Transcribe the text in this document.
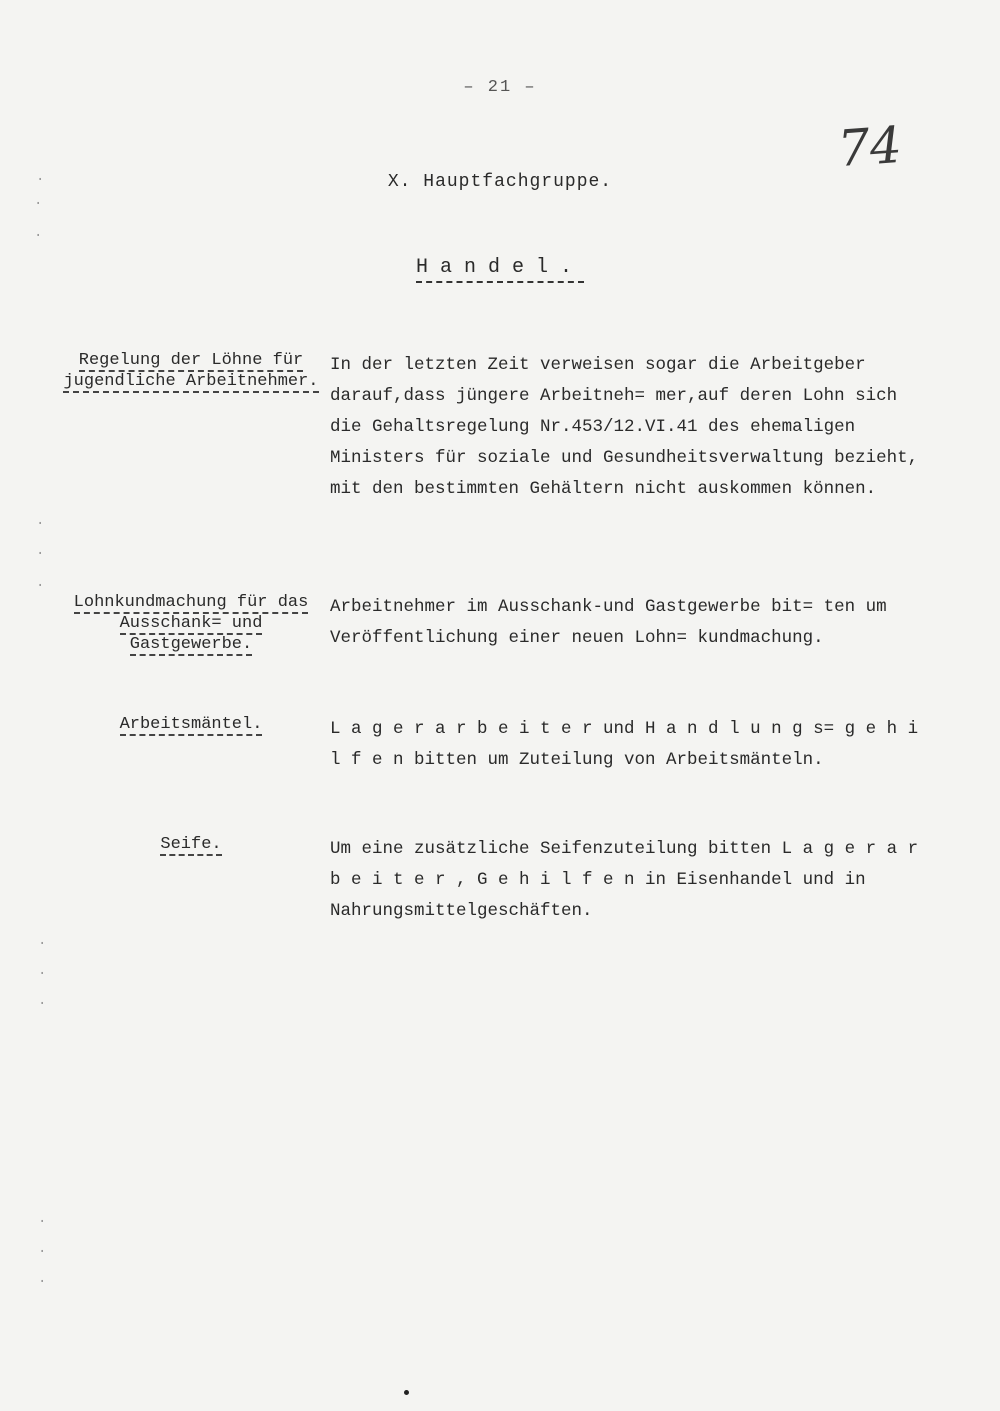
– 21 –
74
X. Hauptfachgruppe.
Handel.
Regelung der Löhne für jugendliche Arbeitnehmer.
In der letzten Zeit verweisen sogar die Arbeitgeber darauf,dass jüngere Arbeitneh= mer,auf deren Lohn sich die Gehaltsregelung Nr.453/12.VI.41 des ehemaligen Ministers für soziale und Gesundheitsverwaltung bezieht, mit den bestimmten Gehältern nicht auskommen können.
Lohnkundmachung für das Ausschank= und Gastgewerbe.
Arbeitnehmer im Ausschank-und Gastgewerbe bit= ten um Veröffentlichung einer neuen Lohn= kundmachung.
Arbeitsmäntel.	L a g e r a r b e i t e r und H a n d l u n g s= g e h i l f e n bitten um Zuteilung von Arbeitsmänteln.
Seife.	Um eine zusätzliche Seifenzuteilung bitten L a g e r a r b e i t e r , G e h i l f e n in Eisenhandel und in Nahrungsmittelgeschäften.
·
·
·
·
·
·
·
·
·
·
·
·
